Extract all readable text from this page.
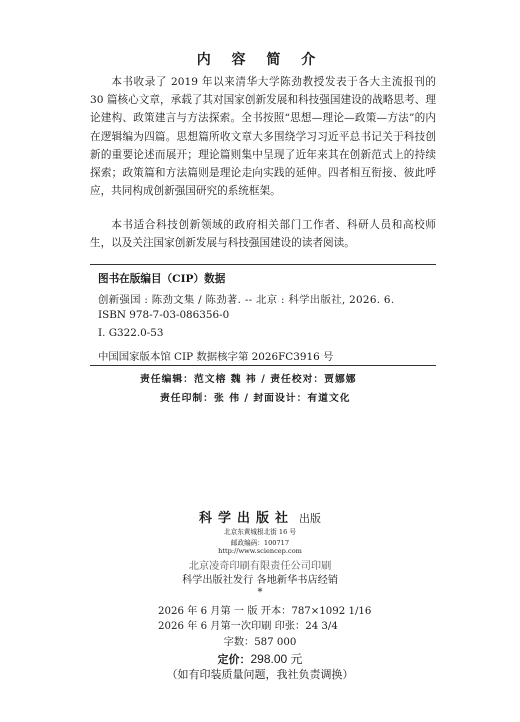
内 容 简 介

本书收录了 2019 年以来清华大学陈劲教授发表于各大主流报刊的 30 篇核心文章，承载了其对国家创新发展和科技强国建设的战略思考、理论建构、政策建言与方法探索。全书按照“思想—理论—政策—方法”的内在逻辑编为四篇。思想篇所收文章大多围绕学习习近平总书记关于科技创新的重要论述而展开；理论篇则集中呈现了近年来其在创新范式上的持续探索；政策篇和方法篇则是理论走向实践的延伸。四者相互衔接、彼此呼应，共同构成创新强国研究的系统框架。

本书适合科技创新领域的政府相关部门工作者、科研人员和高校师生，以及关注国家创新发展与科技强国建设的读者阅读。

图书在版编目（CIP）数据
创新强国 : 陈劲文集 / 陈劲著. -- 北京 : 科学出版社, 2026. 6.
ISBN 978-7-03-086356-0
Ⅰ. G322.0-53
中国国家版本馆 CIP 数据核字第 2026FC3916 号
责任编辑：范文榕 魏 祎 / 责任校对：贾娜娜
责任印制：张 伟 / 封面设计：有道文化
科学出版社 出版
北京东黄城根北街 16 号
邮政编码：100717
http://www.sciencep.com
北京凌奇印刷有限责任公司印刷
科学出版社发行 各地新华书店经销
*
2026 年 6 月第 一 版 开本：787×1092 1/16
2026 年 6 月第一次印刷 印张：24 3/4
字数：587 000
定价：298.00 元
（如有印装质量问题，我社负责调换）
